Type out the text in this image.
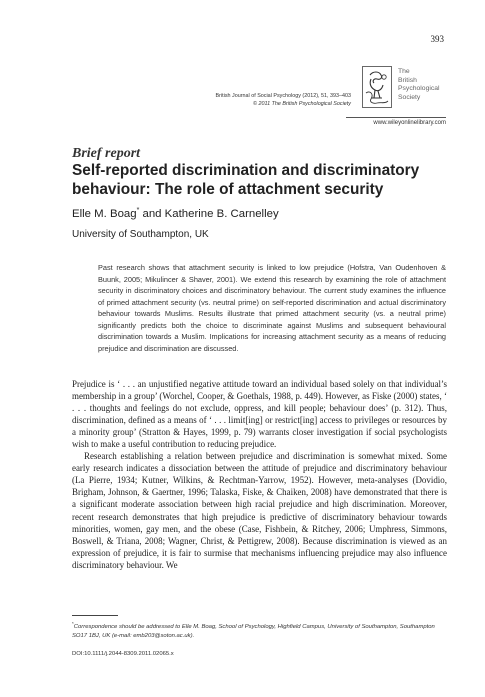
393
British Journal of Social Psychology (2012), 51, 393–403
© 2011 The British Psychological Society
The
British
Psychological
Society
www.wileyonlinelibrary.com
Brief report
Self-reported discrimination and discriminatory behaviour: The role of attachment security
Elle M. Boag* and Katherine B. Carnelley
University of Southampton, UK

Past research shows that attachment security is linked to low prejudice (Hofstra, Van Oudenhoven & Buunk, 2005; Mikulincer & Shaver, 2001). We extend this research by examining the role of attachment security in discriminatory choices and discriminatory behaviour. The current study examines the influence of primed attachment security (vs. neutral prime) on self-reported discrimination and actual discriminatory behaviour towards Muslims. Results illustrate that primed attachment security (vs. a neutral prime) significantly predicts both the choice to discriminate against Muslims and subsequent behavioural discrimination towards a Muslim. Implications for increasing attachment security as a means of reducing prejudice and discrimination are discussed.

Prejudice is ‘ . . . an unjustified negative attitude toward an individual based solely on that individual’s membership in a group’ (Worchel, Cooper, & Goethals, 1988, p. 449). However, as Fiske (2000) states, ‘ . . . thoughts and feelings do not exclude, oppress, and kill people; behaviour does’ (p. 312). Thus, discrimination, defined as a means of ‘ . . . limit[ing] or restrict[ing] access to privileges or resources by a minority group’ (Stratton & Hayes, 1999, p. 79) warrants closer investigation if social psychologists wish to make a useful contribution to reducing prejudice.

Research establishing a relation between prejudice and discrimination is somewhat mixed. Some early research indicates a dissociation between the attitude of prejudice and discriminatory behaviour (La Pierre, 1934; Kutner, Wilkins, & Rechtman-Yarrow, 1952). However, meta-analyses (Dovidio, Brigham, Johnson, & Gaertner, 1996; Talaska, Fiske, & Chaiken, 2008) have demonstrated that there is a significant moderate association between high racial prejudice and high discrimination. Moreover, recent research demonstrates that high prejudice is predictive of discriminatory behaviour towards minorities, women, gay men, and the obese (Case, Fishbein, & Ritchey, 2006; Umphress, Simmons, Boswell, & Triana, 2008; Wagner, Christ, & Pettigrew, 2008). Because discrimination is viewed as an expression of prejudice, it is fair to surmise that mechanisms influencing prejudice may also influence discriminatory behaviour. We

*Correspondence should be addressed to Elle M. Boag, School of Psychology, Highfield Campus, University of Southampton, Southampton SO17 1BJ, UK (e-mail: emb203@soton.ac.uk).

DOI:10.1111/j.2044-8309.2011.02065.x
